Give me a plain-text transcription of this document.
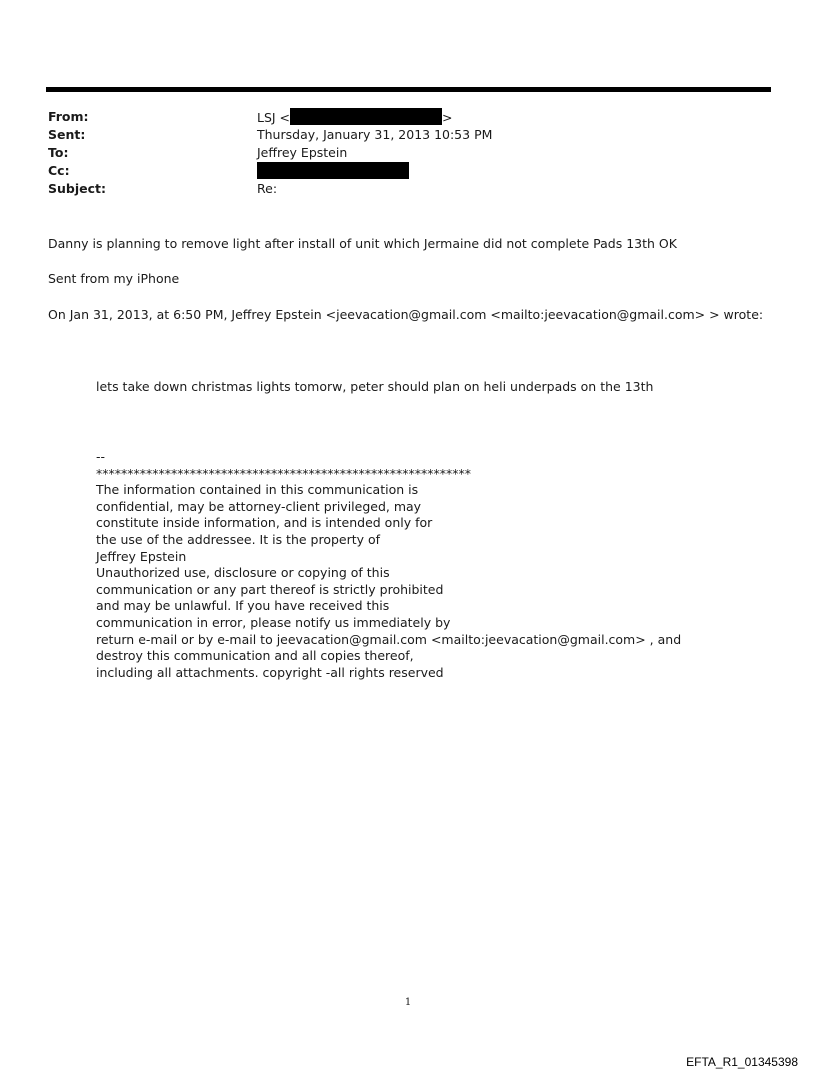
From:	LSJ <	>
Sent:	Thursday, January 31, 2013 10:53 PM
To:	Jeffrey Epstein
Cc:
Subject:	Re:
Danny is planning to remove light after install of unit which Jermaine did not complete Pads 13th OK
Sent from my iPhone
On Jan 31, 2013, at 6:50 PM, Jeffrey Epstein <jeevacation@gmail.com <mailto:jeevacation@gmail.com> > wrote:
lets take down christmas lights tomorw, peter should plan on heli underpads on the 13th
--
************************************************************
The information contained in this communication is
confidential, may be attorney-client privileged, may
constitute inside information, and is intended only for
the use of the addressee. It is the property of
Jeffrey Epstein
Unauthorized use, disclosure or copying of this
communication or any part thereof is strictly prohibited
and may be unlawful. If you have received this
communication in error, please notify us immediately by
return e-mail or by e-mail to jeevacation@gmail.com <mailto:jeevacation@gmail.com> , and
destroy this communication and all copies thereof,
including all attachments. copyright -all rights reserved
1
EFTA_R1_01345398
